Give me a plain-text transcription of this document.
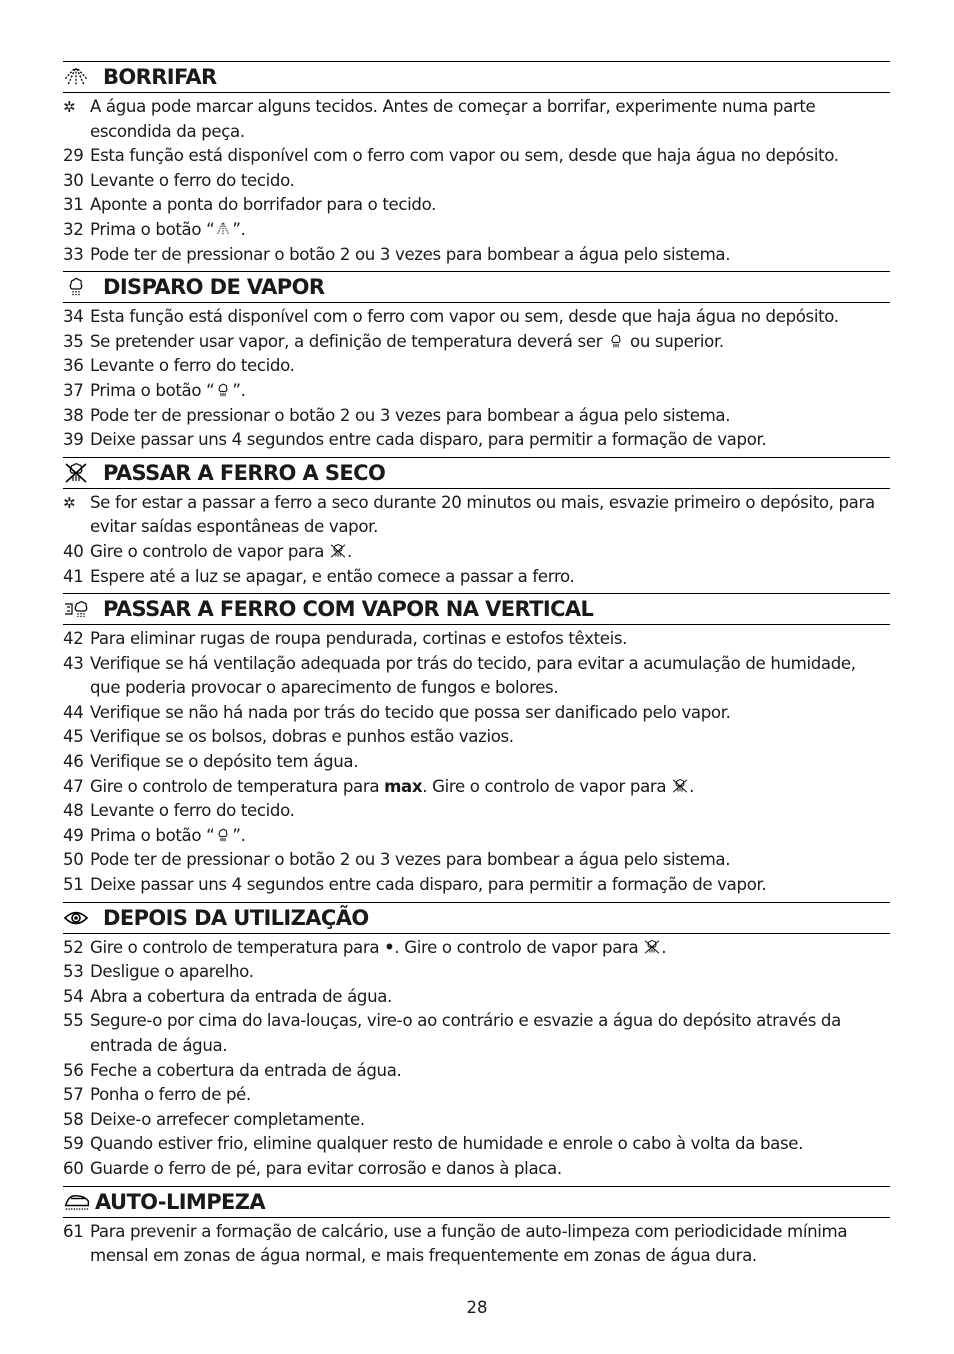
BORRIFAR
✲ A água pode marcar alguns tecidos. Antes de começar a borrifar, experimente numa parte escondida da peça.
29 Esta função está disponível com o ferro com vapor ou sem, desde que haja água no depósito.
30 Levante o ferro do tecido.
31 Aponte a ponta do borrifador para o tecido.
32 Prima o botão “ ”.
33 Pode ter de pressionar o botão 2 ou 3 vezes para bombear a água pelo sistema.
DISPARO DE VAPOR
34 Esta função está disponível com o ferro com vapor ou sem, desde que haja água no depósito.
35 Se pretender usar vapor, a definição de temperatura deverá ser  ou superior.
36 Levante o ferro do tecido.
37 Prima o botão “ ”.
38 Pode ter de pressionar o botão 2 ou 3 vezes para bombear a água pelo sistema.
39 Deixe passar uns 4 segundos entre cada disparo, para permitir a formação de vapor.
PASSAR A FERRO A SECO
✲ Se for estar a passar a ferro a seco durante 20 minutos ou mais, esvazie primeiro o depósito, para evitar saídas espontâneas de vapor.
40 Gire o controlo de vapor para .
41 Espere até a luz se apagar, e então comece a passar a ferro.
PASSAR A FERRO COM VAPOR NA VERTICAL
42 Para eliminar rugas de roupa pendurada, cortinas e estofos têxteis.
43 Verifique se há ventilação adequada por trás do tecido, para evitar a acumulação de humidade, que poderia provocar o aparecimento de fungos e bolores.
44 Verifique se não há nada por trás do tecido que possa ser danificado pelo vapor.
45 Verifique se os bolsos, dobras e punhos estão vazios.
46 Verifique se o depósito tem água.
47 Gire o controlo de temperatura para max. Gire o controlo de vapor para .
48 Levante o ferro do tecido.
49 Prima o botão “ ”.
50 Pode ter de pressionar o botão 2 ou 3 vezes para bombear a água pelo sistema.
51 Deixe passar uns 4 segundos entre cada disparo, para permitir a formação de vapor.
DEPOIS DA UTILIZAÇÃO
52 Gire o controlo de temperatura para •. Gire o controlo de vapor para .
53 Desligue o aparelho.
54 Abra a cobertura da entrada de água.
55 Segure-o por cima do lava-louças, vire-o ao contrário e esvazie a água do depósito através da entrada de água.
56 Feche a cobertura da entrada de água.
57 Ponha o ferro de pé.
58 Deixe-o arrefecer completamente.
59 Quando estiver frio, elimine qualquer resto de humidade e enrole o cabo à volta da base.
60 Guarde o ferro de pé, para evitar corrosão e danos à placa.
AUTO-LIMPEZA
61 Para prevenir a formação de calcário, use a função de auto-limpeza com periodicidade mínima mensal em zonas de água normal, e mais frequentemente em zonas de água dura.
28
